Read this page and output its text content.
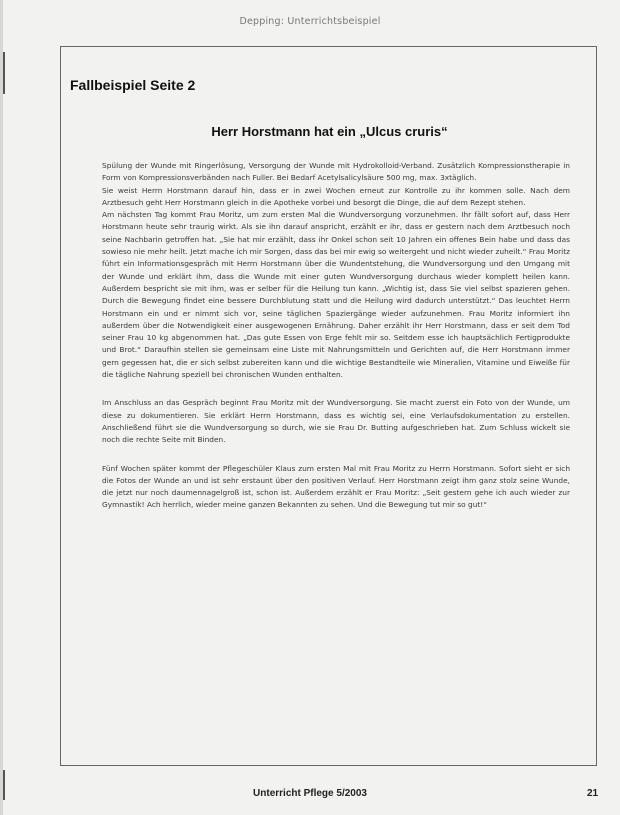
Depping: Unterrichtsbeispiel
Fallbeispiel Seite 2
Herr Horstmann hat ein „Ulcus cruris“

Spülung der Wunde mit Ringerlösung, Versorgung der Wunde mit Hydrokolloid-Verband. Zusätzlich Kompressionstherapie in Form von Kompressionsverbänden nach Fuller. Bei Bedarf Acetylsalicylsäure 500 mg, max. 3xtäglich.

Sie weist Herrn Horstmann darauf hin, dass er in zwei Wochen erneut zur Kontrolle zu ihr kommen solle. Nach dem Arztbesuch geht Herr Horstmann gleich in die Apotheke vorbei und besorgt die Dinge, die auf dem Rezept stehen.

Am nächsten Tag kommt Frau Moritz, um zum ersten Mal die Wundversorgung vorzunehmen. Ihr fällt sofort auf, dass Herr Horstmann heute sehr traurig wirkt. Als sie ihn darauf anspricht, erzählt er ihr, dass er gestern nach dem Arztbesuch noch seine Nachbarin getroffen hat. „Sie hat mir erzählt, dass ihr Onkel schon seit 10 Jahren ein offenes Bein habe und dass das sowieso nie mehr heilt. Jetzt mache ich mir Sorgen, dass das bei mir ewig so weitergeht und nicht wieder zuheilt.“ Frau Moritz führt ein Informationsgespräch mit Herrn Horstmann über die Wundentstehung, die Wundversorgung und den Umgang mit der Wunde und erklärt ihm, dass die Wunde mit einer guten Wundversorgung durchaus wieder komplett heilen kann. Außerdem bespricht sie mit ihm, was er selber für die Heilung tun kann. „Wichtig ist, dass Sie viel selbst spazieren gehen. Durch die Bewegung findet eine bessere Durchblutung statt und die Heilung wird dadurch unterstützt.“ Das leuchtet Herrn Horstmann ein und er nimmt sich vor, seine täglichen Spaziergänge wieder aufzunehmen. Frau Moritz informiert ihn außerdem über die Notwendigkeit einer ausgewogenen Ernährung. Daher erzählt ihr Herr Horstmann, dass er seit dem Tod seiner Frau 10 kg abgenommen hat. „Das gute Essen von Erge fehlt mir so. Seitdem esse ich hauptsächlich Fertigprodukte und Brot.“ Daraufhin stellen sie gemeinsam eine Liste mit Nahrungsmitteln und Gerichten auf, die Herr Horstmann immer gern gegessen hat, die er sich selbst zubereiten kann und die wichtige Bestandteile wie Mineralien, Vitamine und Eiweiße für die tägliche Nahrung speziell bei chronischen Wunden enthalten.

Im Anschluss an das Gespräch beginnt Frau Moritz mit der Wundversorgung. Sie macht zuerst ein Foto von der Wunde, um diese zu dokumentieren. Sie erklärt Herrn Horstmann, dass es wichtig sei, eine Verlaufsdokumentation zu erstellen. Anschließend führt sie die Wundversorgung so durch, wie sie Frau Dr. Butting aufgeschrieben hat. Zum Schluss wickelt sie noch die rechte Seite mit Binden.

Fünf Wochen später kommt der Pflegeschüler Klaus zum ersten Mal mit Frau Moritz zu Herrn Horstmann. Sofort sieht er sich die Fotos der Wunde an und ist sehr erstaunt über den positiven Verlauf. Herr Horstmann zeigt ihm ganz stolz seine Wunde, die jetzt nur noch daumennagelgroß ist, schon ist. Außerdem erzählt er Frau Moritz: „Seit gestern gehe ich auch wieder zur Gymnastik! Ach herrlich, wieder meine ganzen Bekannten zu sehen. Und die Bewegung tut mir so gut!“

Unterricht Pflege 5/2003	21
